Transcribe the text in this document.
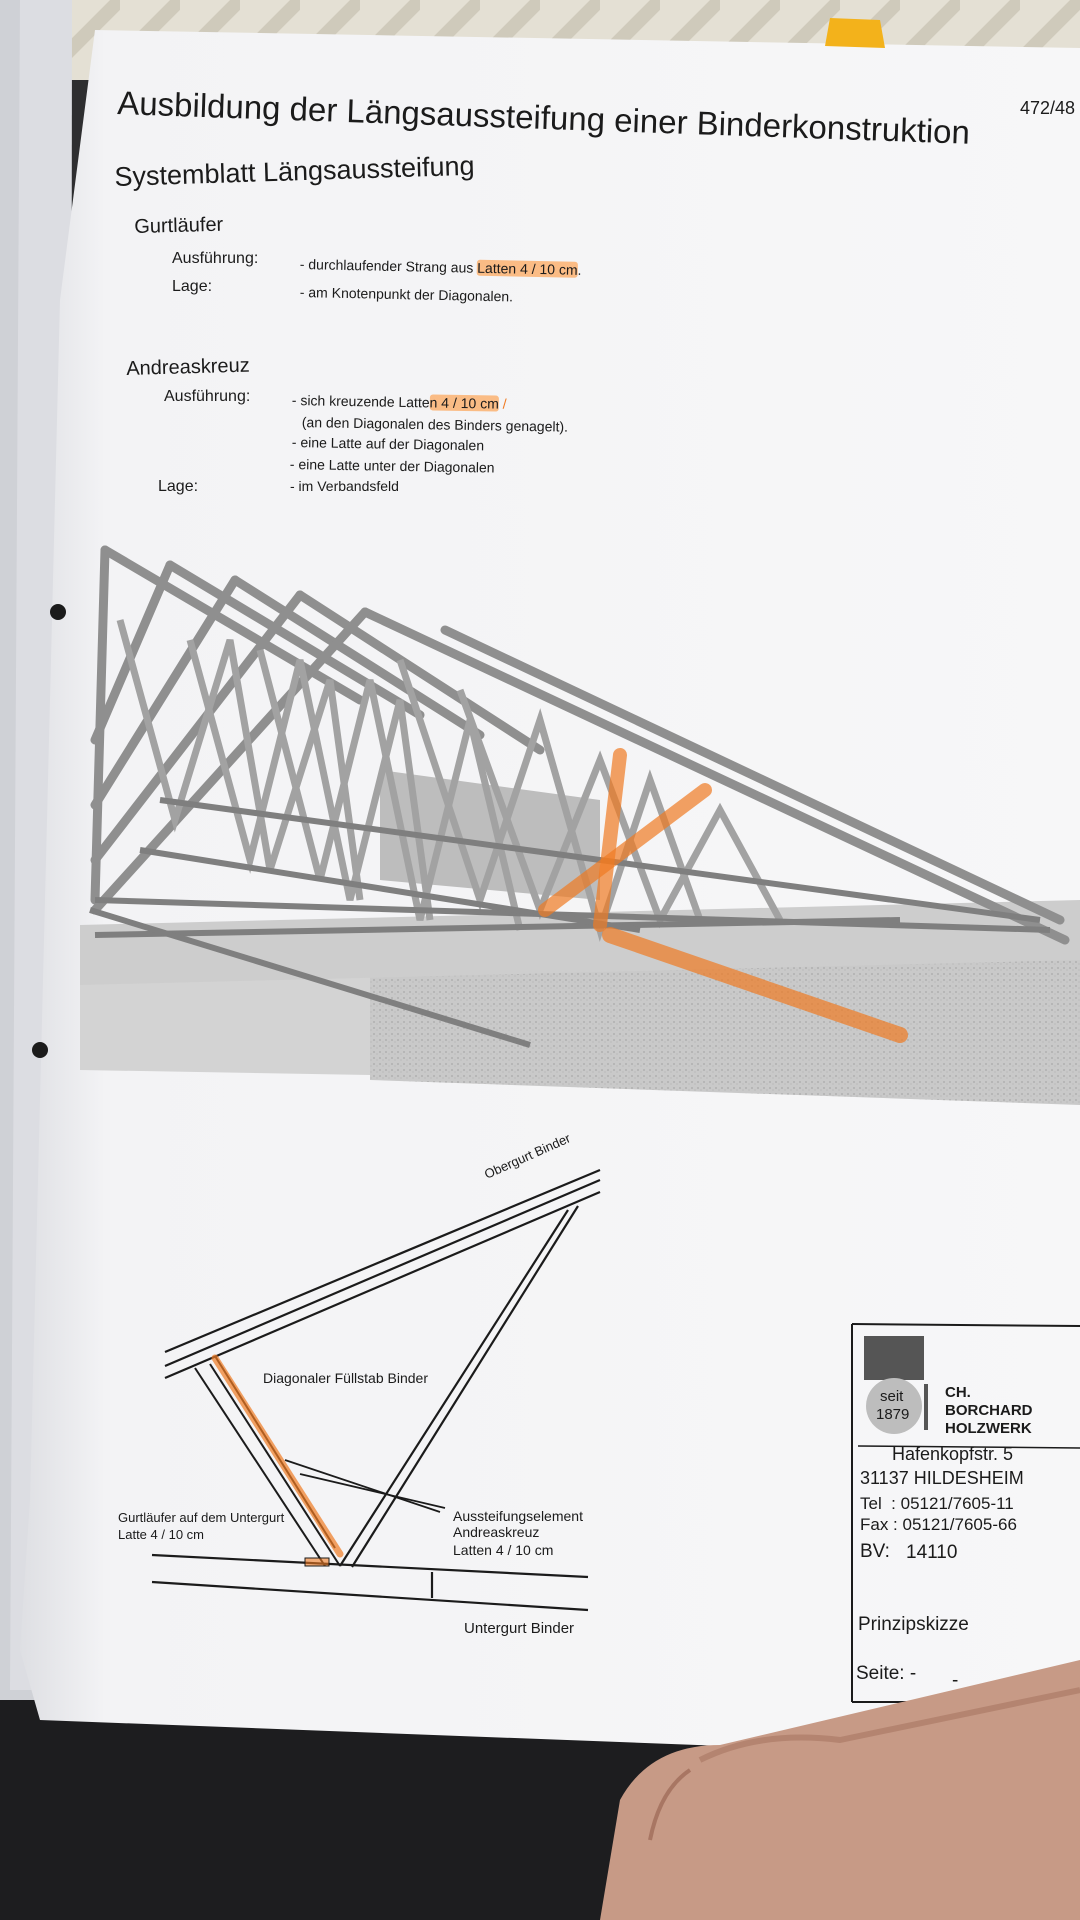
472/48
Ausbildung der Längsaussteifung einer Binderkonstruktion
Systemblatt Längsaussteifung
Gurtläufer
Ausführung:	- durchlaufender Strang aus Latten 4 / 10 cm.
Lage:	- am Knotenpunkt der Diagonalen.
Andreaskreuz
Ausführung:	- sich kreuzende Latten 4 / 10 cm /
(an den Diagonalen des Binders genagelt).
- eine Latte auf der Diagonalen
- eine Latte unter der Diagonalen
Lage:	- im Verbandsfeld
Obergurt Binder
Diagonaler Füllstab Binder
Gurtläufer auf dem Untergurt
Latte 4 / 10 cm
Aussteifungselement
Andreaskreuz
Latten 4 / 10 cm
Untergurt Binder
seit
1879
CH.
BORCHARD
HOLZWERK
Hafenkopfstr. 5
31137 HILDESHEIM
Tel  : 05121/7605-11
Fax : 05121/7605-66
BV: 14110
Prinzipskizze
Seite: - -
